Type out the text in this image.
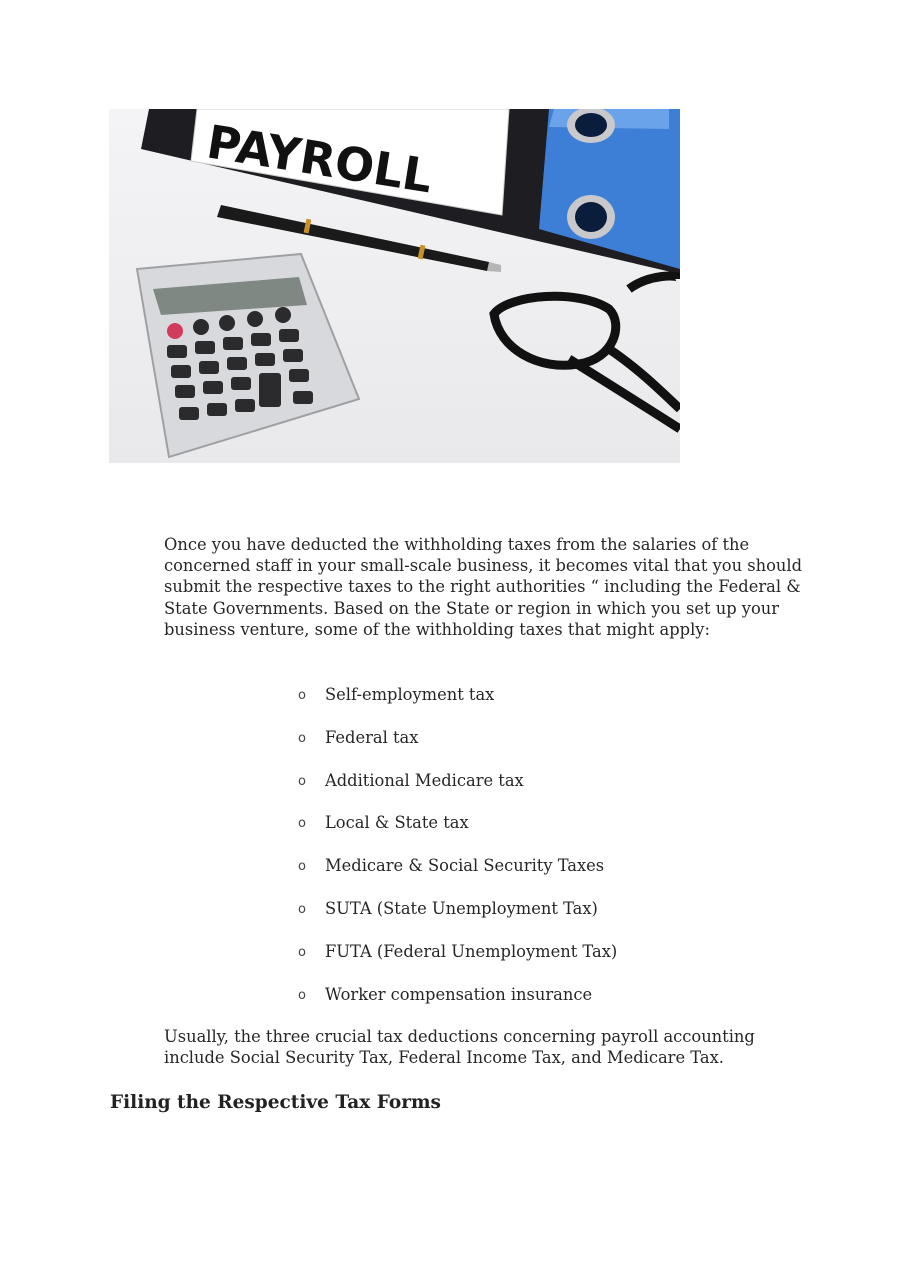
PAYROLL

Once you have deducted the withholding taxes from the salaries of the concerned staff in your small-scale business, it becomes vital that you should submit the respective taxes to the right authorities “ including the Federal & State Governments. Based on the State or region in which you set up your business venture, some of the withholding taxes that might apply:

o Self-employment tax
o Federal tax
o Additional Medicare tax
o Local & State tax
o Medicare & Social Security Taxes
o SUTA (State Unemployment Tax)
o FUTA (Federal Unemployment Tax)
o Worker compensation insurance

Usually, the three crucial tax deductions concerning payroll accounting include Social Security Tax, Federal Income Tax, and Medicare Tax.

Filing the Respective Tax Forms
